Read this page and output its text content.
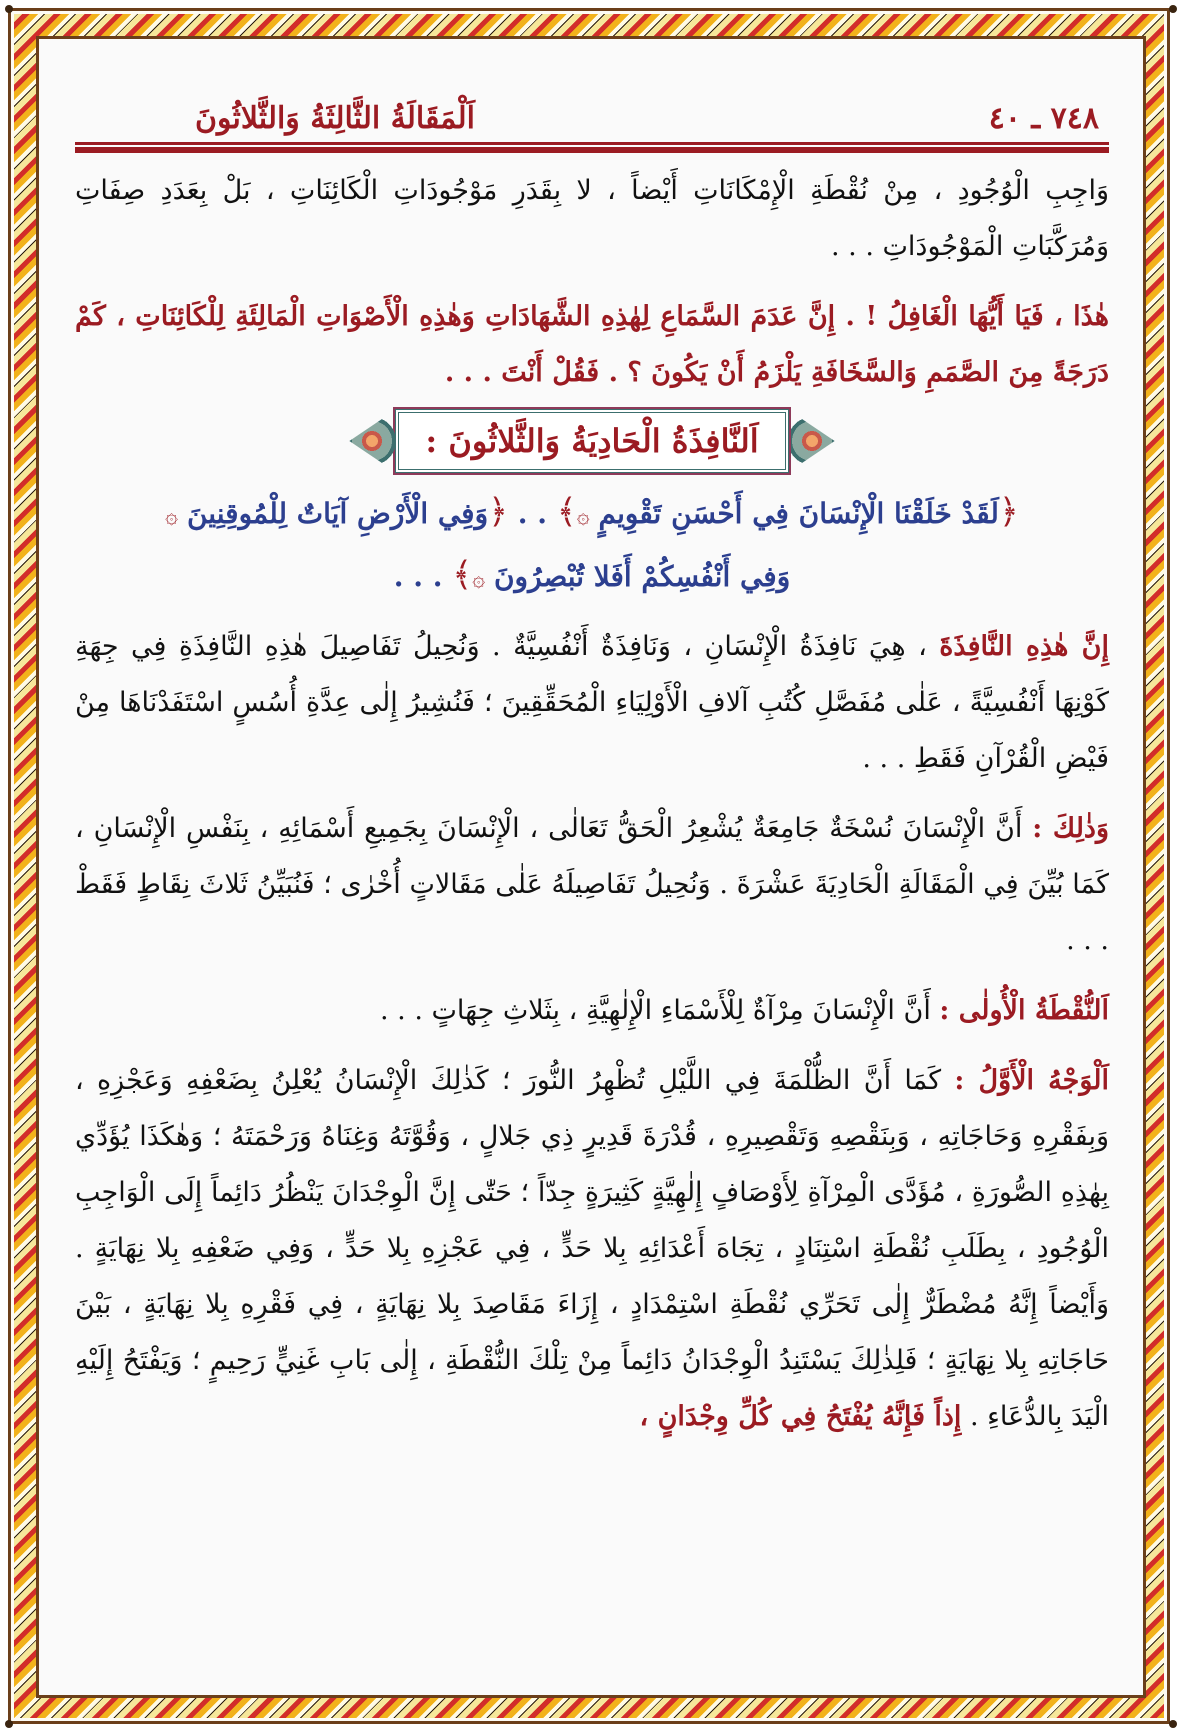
٧٤٨ ـ ٤٠
اَلْمَقَالَةُ الثَّالِثَةُ وَالثَّلاثُونَ

وَاجِبِ الْوُجُودِ ، مِنْ نُقْطَةِ الْإِمْكَانَاتِ أَيْضاً ، لا بِقَدَرِ مَوْجُودَاتِ الْكَائِنَاتِ ، بَلْ بِعَدَدِ صِفَاتِ وَمُرَكَّبَاتِ الْمَوْجُودَاتِ . . .

هٰذَا ، فَيَا أَيُّهَا الْغَافِلُ ! . إِنَّ عَدَمَ السَّمَاعِ لِهٰذِهِ الشَّهَادَاتِ وَهٰذِهِ الْأَصْوَاتِ الْمَالِئَةِ لِلْكَائِنَاتِ ، كَمْ دَرَجَةً مِنَ الصَّمَمِ وَالسَّخَافَةِ يَلْزَمُ أَنْ يَكُونَ ؟ . فَقُلْ أَنْتَ . . .

اَلنَّافِذَةُ الْحَادِيَةُ وَالثَّلاثُونَ :
﴿لَقَدْ خَلَقْنَا الْإِنْسَانَ فِي أَحْسَنِ تَقْوِيمٍ ۞﴾ . . ﴿وَفِي الْأَرْضِ آيَاتٌ لِلْمُوقِنِينَ ۞
وَفِي أَنْفُسِكُمْ أَفَلا تُبْصِرُونَ ۞﴾ . . .

إِنَّ هٰذِهِ النَّافِذَةَ ، هِيَ نَافِذَةُ الْإِنْسَانِ ، وَنَافِذَةٌ أَنْفُسِيَّةٌ . وَنُحِيلُ تَفَاصِيلَ هٰذِهِ النَّافِذَةِ فِي جِهَةِ كَوْنِهَا أَنْفُسِيَّةً ، عَلٰى مُفَصَّلِ كُتُبِ آلافِ الْأَوْلِيَاءِ الْمُحَقِّقِينَ ؛ فَنُشِيرُ إِلٰى عِدَّةِ أُسُسٍ اسْتَفَدْنَاهَا مِنْ فَيْضِ الْقُرْآنِ فَقَطِ . . .

وَذٰلِكَ : أَنَّ الْإِنْسَانَ نُسْخَةٌ جَامِعَةٌ يُشْعِرُ الْحَقُّ تَعَالٰى ، الْإِنْسَانَ بِجَمِيعِ أَسْمَائِهِ ، بِنَفْسِ الْإِنْسَانِ ، كَمَا بُيِّنَ فِي الْمَقَالَةِ الْحَادِيَةَ عَشْرَةَ . وَنُحِيلُ تَفَاصِيلَهُ عَلٰى مَقَالاتٍ أُخْرٰى ؛ فَنُبَيِّنُ ثَلاثَ نِقَاطٍ فَقَطْ . . .

اَلنُّقْطَةُ الْأُولٰى : أَنَّ الْإِنْسَانَ مِرْآةٌ لِلْأَسْمَاءِ الْإِلٰهِيَّةِ ، بِثَلاثِ جِهَاتٍ . . .

اَلْوَجْهُ الْأَوَّلُ : كَمَا أَنَّ الظُّلْمَةَ فِي اللَّيْلِ تُظْهِرُ النُّورَ ؛ كَذٰلِكَ الْإِنْسَانُ يُعْلِنُ بِضَعْفِهِ وَعَجْزِهِ ، وَبِفَقْرِهِ وَحَاجَاتِهِ ، وَبِنَقْصِهِ وَتَقْصِيرِهِ ، قُدْرَةَ قَدِيرٍ ذِي جَلالٍ ، وَقُوَّتَهُ وَغِنَاهُ وَرَحْمَتَهُ ؛ وَهٰكَذَا يُؤَدِّي بِهٰذِهِ الصُّورَةِ ، مُؤَدَّى الْمِرْآةِ لِأَوْصَافٍ إِلٰهِيَّةٍ كَثِيرَةٍ جِدّاً ؛ حَتّٰى إِنَّ الْوِجْدَانَ يَنْظُرُ دَائِماً إِلَى الْوَاجِبِ الْوُجُودِ ، بِطَلَبِ نُقْطَةِ اسْتِنَادٍ ، تِجَاهَ أَعْدَائِهِ بِلا حَدٍّ ، فِي عَجْزِهِ بِلا حَدٍّ ، وَفِي ضَعْفِهِ بِلا نِهَايَةٍ . وَأَيْضاً إِنَّهُ مُضْطَرٌّ إِلٰى تَحَرِّي نُقْطَةِ اسْتِمْدَادٍ ، إِزَاءَ مَقَاصِدَ بِلا نِهَايَةٍ ، فِي فَقْرِهِ بِلا نِهَايَةٍ ، بَيْنَ حَاجَاتِهِ بِلا نِهَايَةٍ ؛ فَلِذٰلِكَ يَسْتَنِدُ الْوِجْدَانُ دَائِماً مِنْ تِلْكَ النُّقْطَةِ ، إِلٰى بَابِ غَنِيٍّ رَحِيمٍ ؛ وَيَفْتَحُ إِلَيْهِ الْيَدَ بِالدُّعَاءِ . إِذاً فَإِنَّهُ يُفْتَحُ فِي كُلِّ وِجْدَانٍ ،
